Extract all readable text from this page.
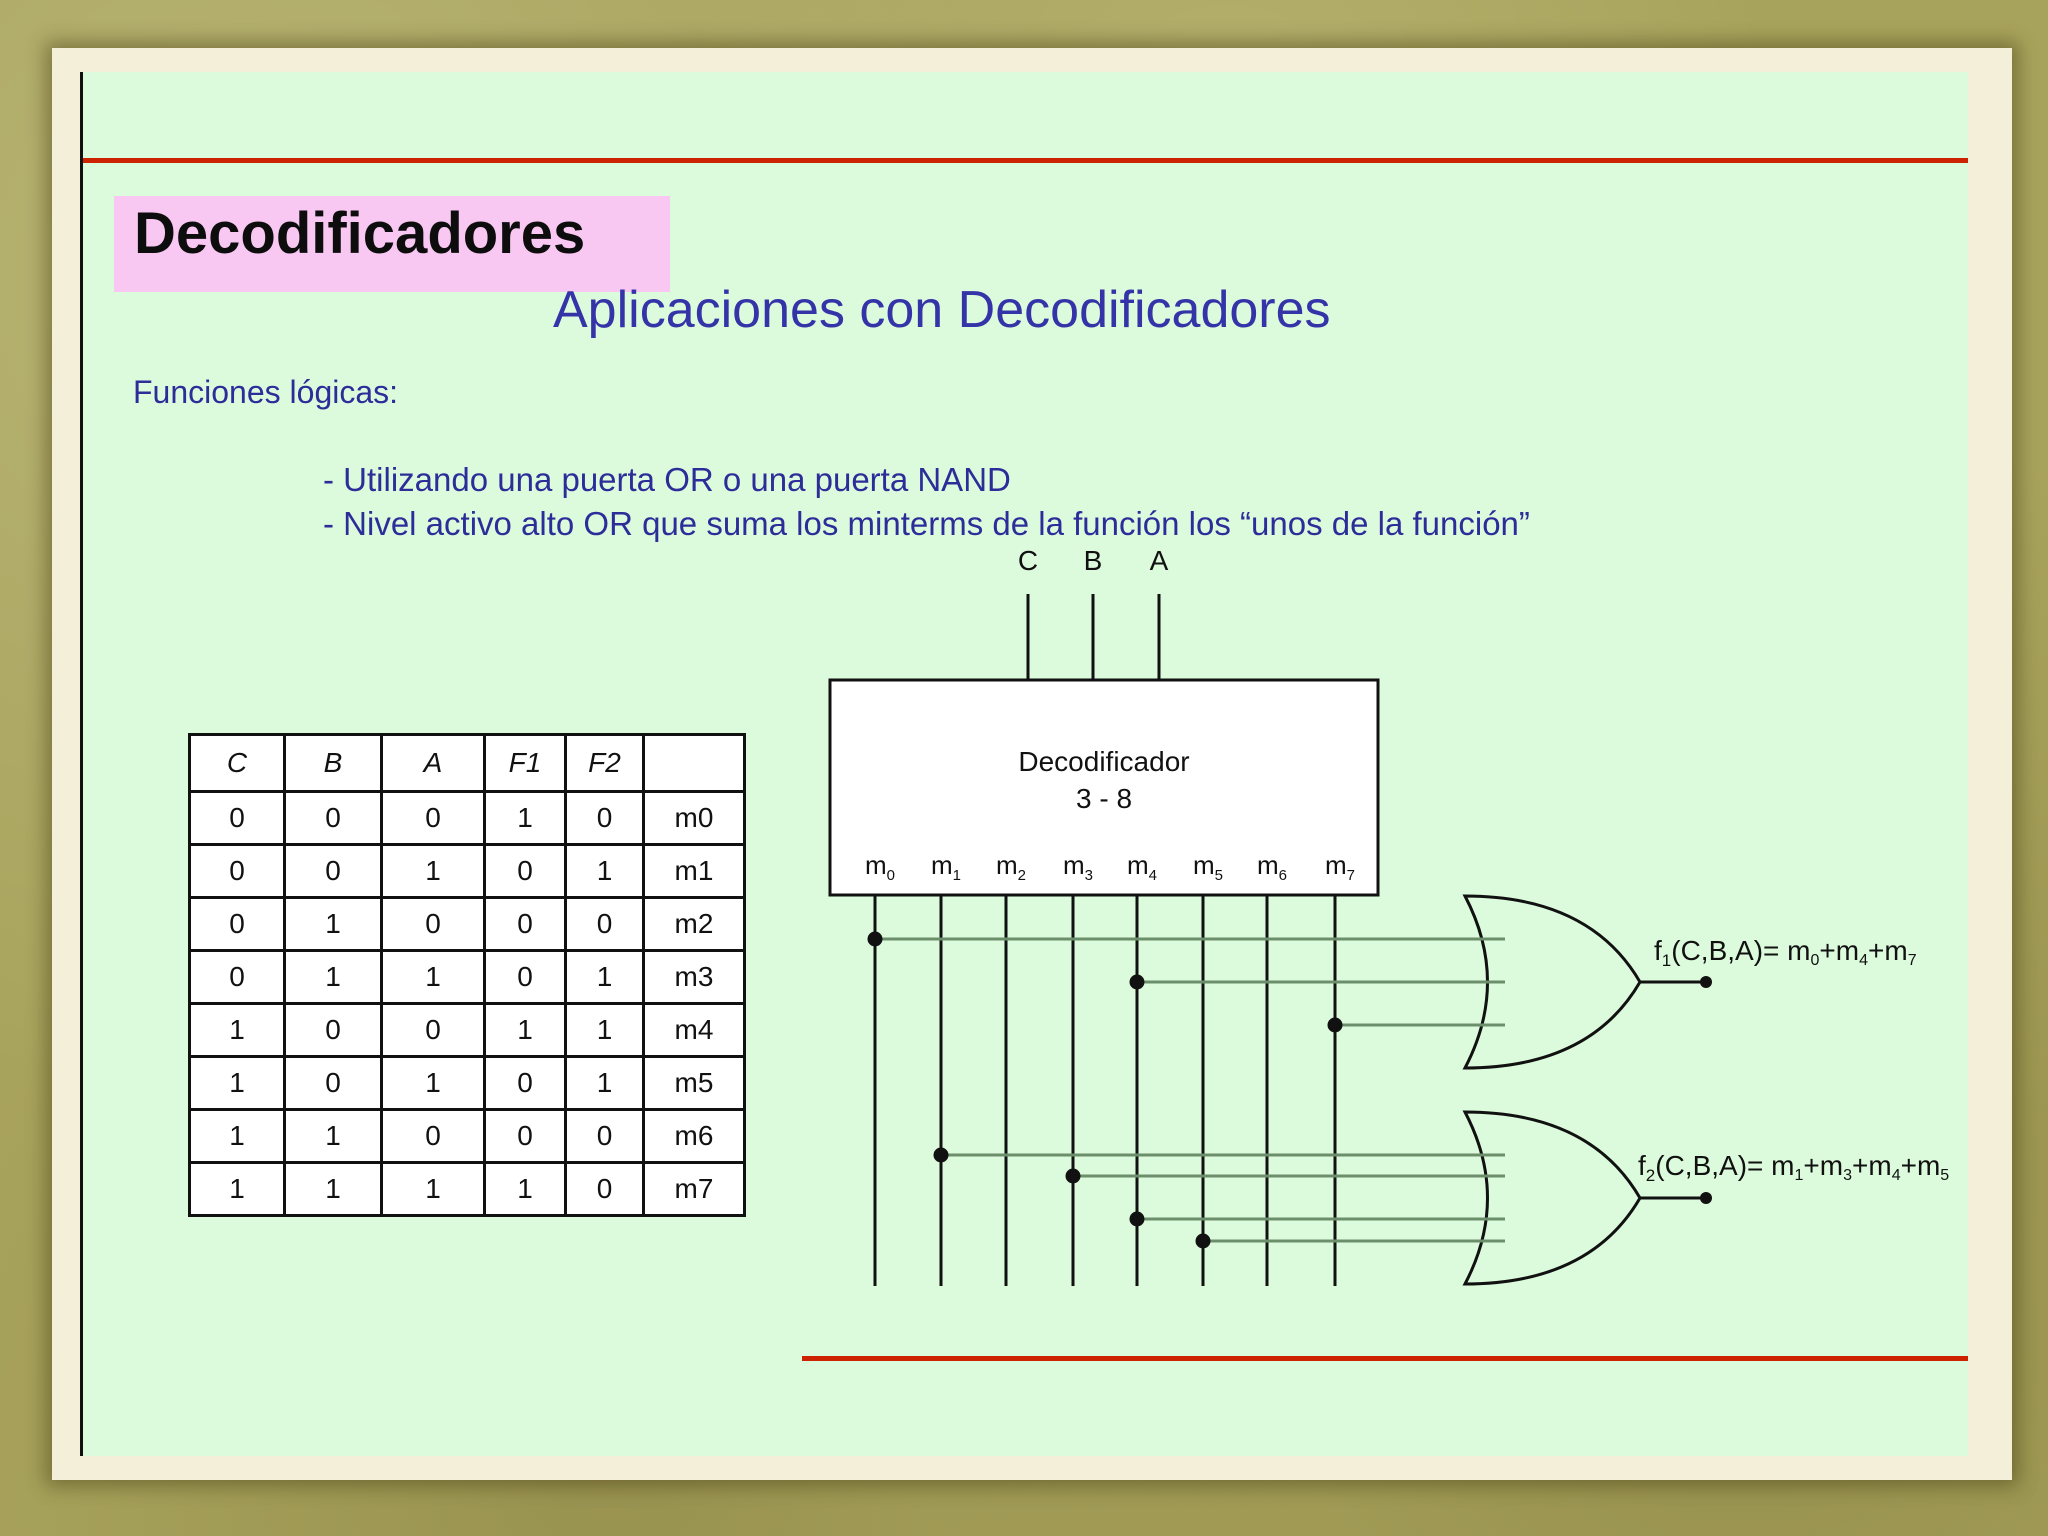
Decodificadores
Aplicaciones con Decodificadores
Funciones lógicas:
- Utilizando una puerta OR o una puerta NAND
- Nivel activo alto OR que suma los minterms de la función los “unos de la función”
C	B	A	F1	F2	
0	0	0	1	0	m0
0	0	1	0	1	m1
0	1	0	0	0	m2
0	1	1	0	1	m3
1	0	0	1	1	m4
1	0	1	0	1	m5
1	1	0	0	0	m6
1	1	1	1	0	m7
C B A
Decodificador
3 - 8
$m_0$ $m_1$ $m_2$ $m_3$ $m_4$ $m_5$ $m_6$ $m_7$
$f_1(C,B,A)= m0+m4+m7$
$f_2(C,B,A)= m1+m3+m4+m5$
